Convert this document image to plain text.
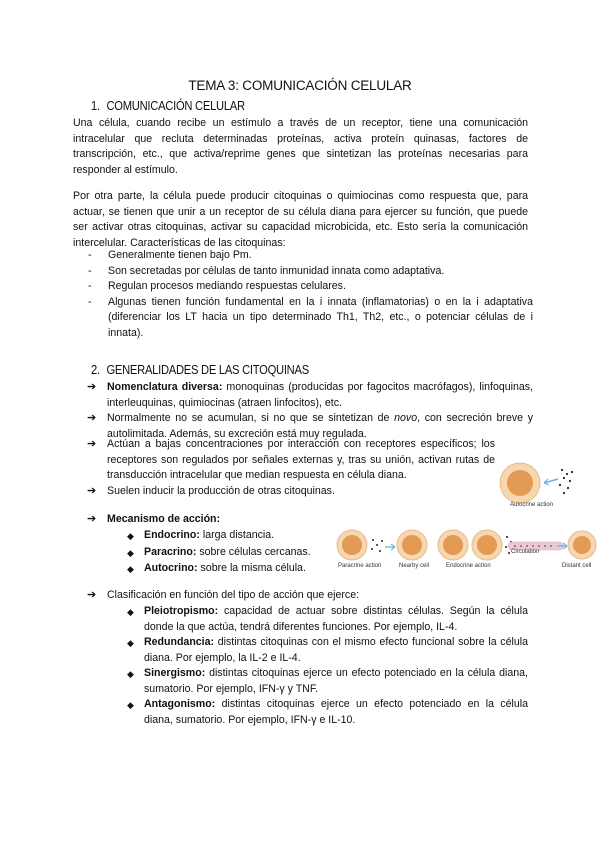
TEMA 3: COMUNICACIÓN CELULAR
1. COMUNICACIÓN CELULAR
Una célula, cuando recibe un estímulo a través de un receptor, tiene una comunicación intracelular que recluta determinadas proteínas, activa proteín quinasas, factores de transcripción, etc., que activa/reprime genes que sintetizan las proteínas necesarias para responder al estímulo.
Por otra parte, la célula puede producir citoquinas o quimiocinas como respuesta que, para actuar, se tienen que unir a un receptor de su célula diana para ejercer su función, que puede ser activar otras citoquinas, activar su capacidad microbicida, etc. Esto sería la comunicación intercelular. Características de las citoquinas:
-	Generalmente tienen bajo Pm.
-	Son secretadas por células de tanto inmunidad innata como adaptativa.
-	Regulan procesos mediando respuestas celulares.
-	Algunas tienen función fundamental en la i innata (inflamatorias) o en la i adaptativa (diferenciar los LT hacia un tipo determinado Th1, Th2, etc., o potenciar células de i innata).
2. GENERALIDADES DE LAS CITOQUINAS
➔	Nomenclatura diversa: monoquinas (producidas por fagocitos macrófagos), linfoquinas, interleuquinas, quimiocinas (atraen linfocitos), etc.
➔	Normalmente no se acumulan, si no que se sintetizan de novo, con secreción breve y autolimitada. Además, su excreción está muy regulada.
➔	Actúan a bajas concentraciones por interacción con receptores específicos; los receptores son regulados por señales externas y, tras su unión, activan rutas de transducción intracelular que median respuesta en célula diana.
➔	Suelen inducir la producción de otras citoquinas.
Autocrine action
➔	Mecanismo de acción:
◆ Endocrino: larga distancia.
◆ Paracrino: sobre células cercanas.
◆ Autocrino: sobre la misma célula.	Paracrine action	Nearby cell	Endocrine action
Circulation
Distant cell
➔	Clasificación en función del tipo de acción que ejerce:
◆ Pleiotropismo: capacidad de actuar sobre distintas células. Según la célula donde la que actúa, tendrá diferentes funciones. Por ejemplo, IL-4.
◆ Redundancia: distintas citoquinas con el mismo efecto funcional sobre la célula diana. Por ejemplo, la IL-2 e IL-4.
◆ Sinergismo: distintas citoquinas ejerce un efecto potenciado en la célula diana, sumatorio. Por ejemplo, IFN-γ y TNF.
◆ Antagonismo: distintas citoquinas ejerce un efecto potenciado en la célula diana, sumatorio. Por ejemplo, IFN-γ e IL-10.
